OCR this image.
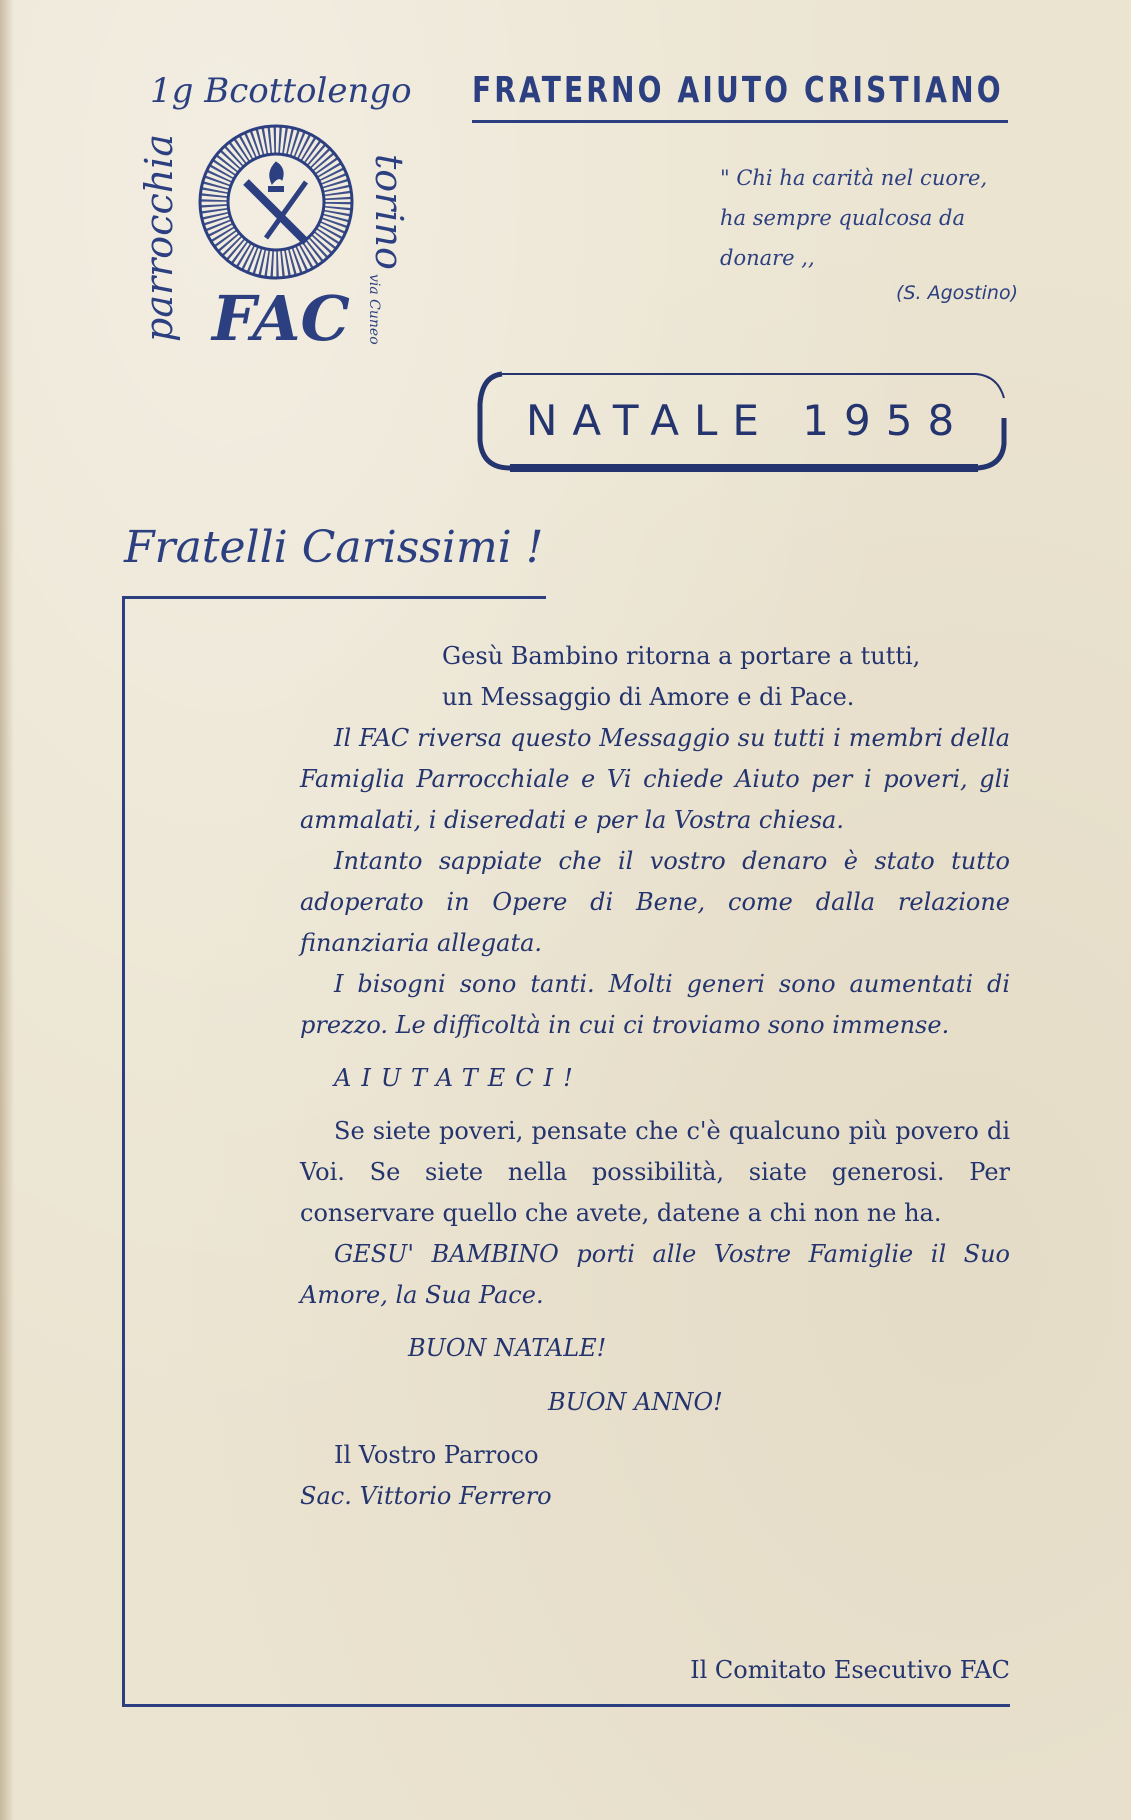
1g Bcottolengo
parrocchia	torino
via Cuneo
FAC
FRATERNO AIUTO CRISTIANO
" Chi ha carità nel cuore,
ha sempre qualcosa da
donare ,,
(S. Agostino)
NATALE 1958
Fratelli Carissimi !

Gesù Bambino ritorna a portare a tutti,
un Messaggio di Amore e di Pace.

Il FAC riversa questo Messaggio su tutti i membri della Famiglia Parrocchiale e Vi chiede Aiuto per i poveri, gli ammalati, i diseredati e per la Vostra chiesa.

Intanto sappiate che il vostro denaro è stato tutto adoperato in Opere di Bene, come dalla relazione finanziaria allegata.

I bisogni sono tanti. Molti generi sono aumentati di prezzo. Le difficoltà in cui ci troviamo sono immense.

AIUTATECI!

Se siete poveri, pensate che c'è qualcuno più povero di Voi. Se siete nella possibilità, siate generosi. Per conservare quello che avete, datene a chi non ne ha.

GESU' BAMBINO porti alle Vostre Famiglie il Suo Amore, la Sua Pace.

BUON NATALE!

BUON ANNO!

Il Vostro Parroco

Sac. Vittorio Ferrero

Il Comitato Esecutivo FAC
